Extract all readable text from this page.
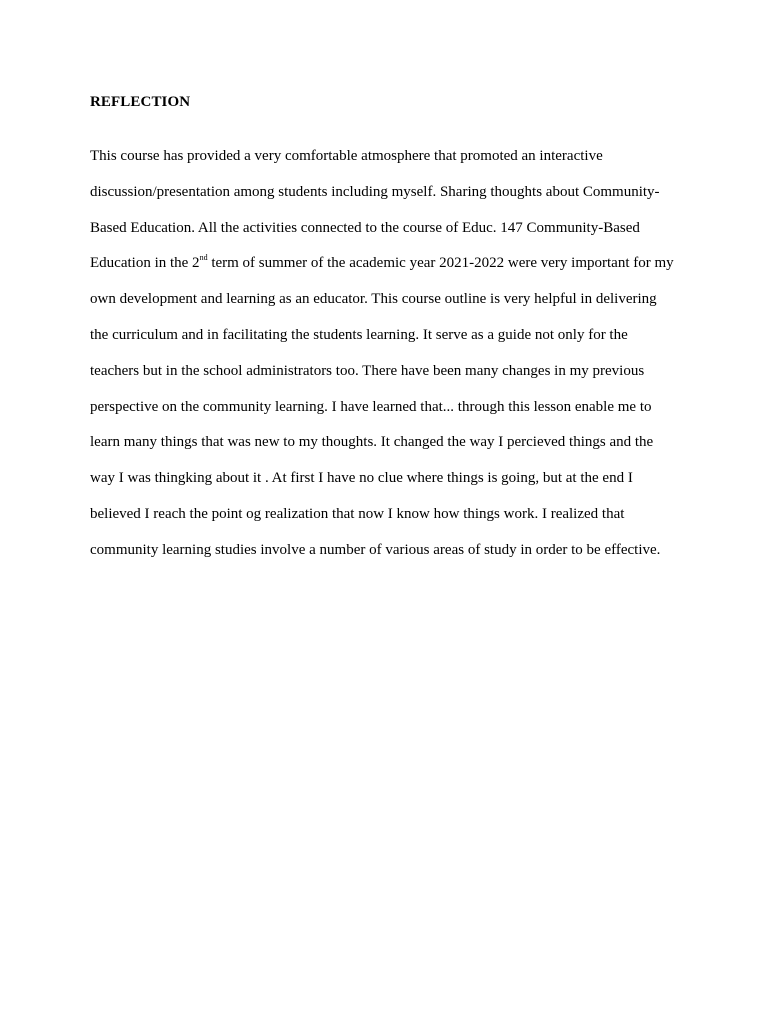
REFLECTION
This course has provided a very comfortable atmosphere that promoted an interactive
discussion/presentation among students including myself. Sharing thoughts about Community-
Based Education. All the activities connected to the course of Educ. 147 Community-Based
Education in the 2nd term of summer of the academic year 2021-2022 were very important for my
own development and learning as an educator. This course outline is very helpful in delivering
the curriculum and in facilitating the students learning. It serve as a guide not only for the
teachers but in the school administrators too. There have been many changes in my previous
perspective on the community learning. I have learned that... through this lesson enable me to
learn many things that was new to my thoughts. It changed the way I percieved things and the
way I was thingking about it . At first I have no clue where things is going, but at the end I
believed I reach the point og realization that now I know how things work. I realized that
community learning studies involve a number of various areas of study in order to be effective.
